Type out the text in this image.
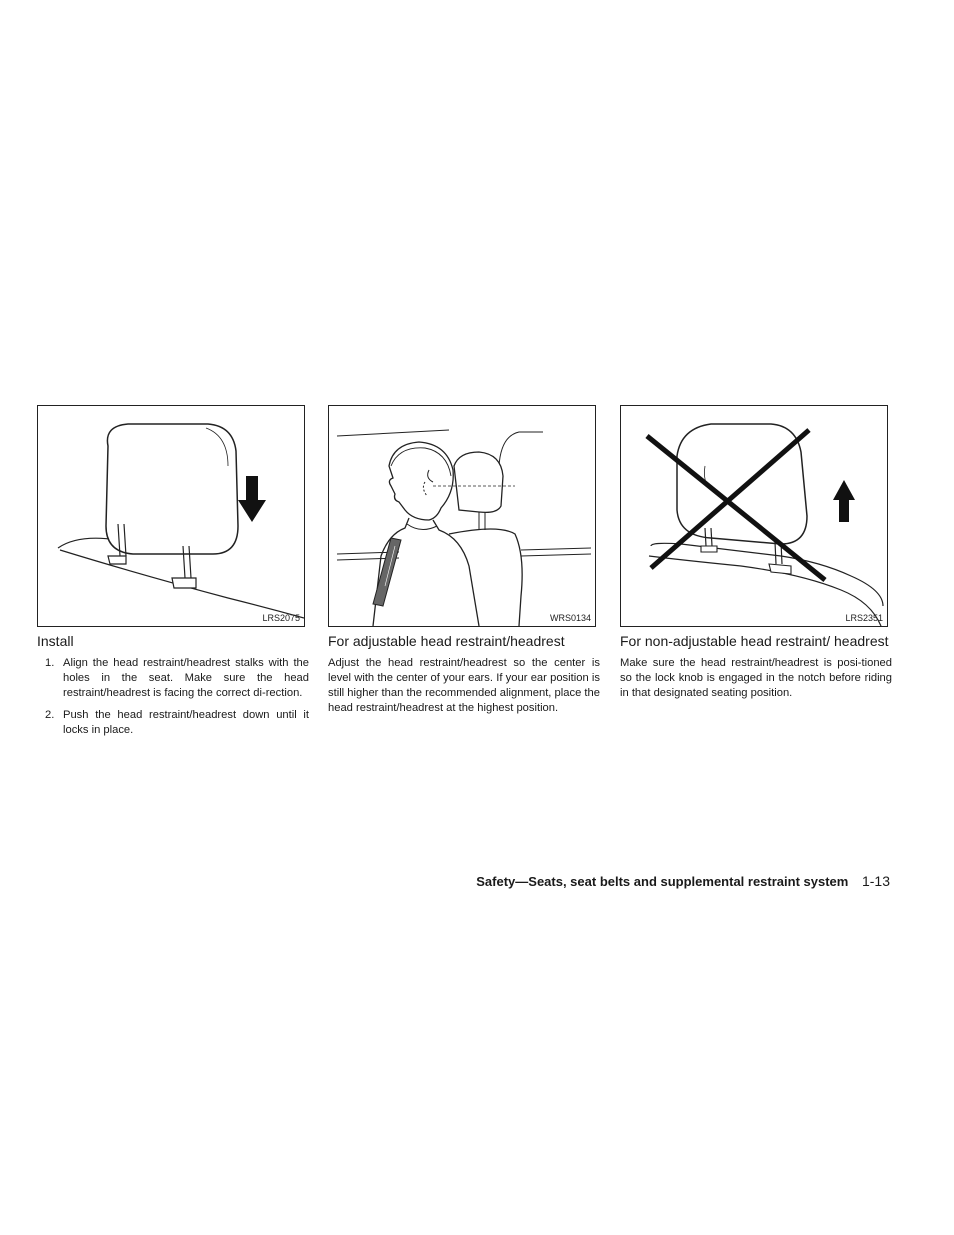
LRS2075	WRS0134	LRS2351
Install
1. Align the head restraint/headrest stalks with the holes in the seat. Make sure the head restraint/headrest is facing the correct di-rection.

2. Push the head restraint/headrest down until it locks in place.

For adjustable head restraint/headrest

Adjust the head restraint/headrest so the center is level with the center of your ears. If your ear position is still higher than the recommended alignment, place the head restraint/headrest at the highest position.

For non-adjustable head restraint/ headrest

Make sure the head restraint/headrest is posi-tioned so the lock knob is engaged in the notch before riding in that designated seating position.

Safety—Seats, seat belts and supplemental restraint system 1-13
